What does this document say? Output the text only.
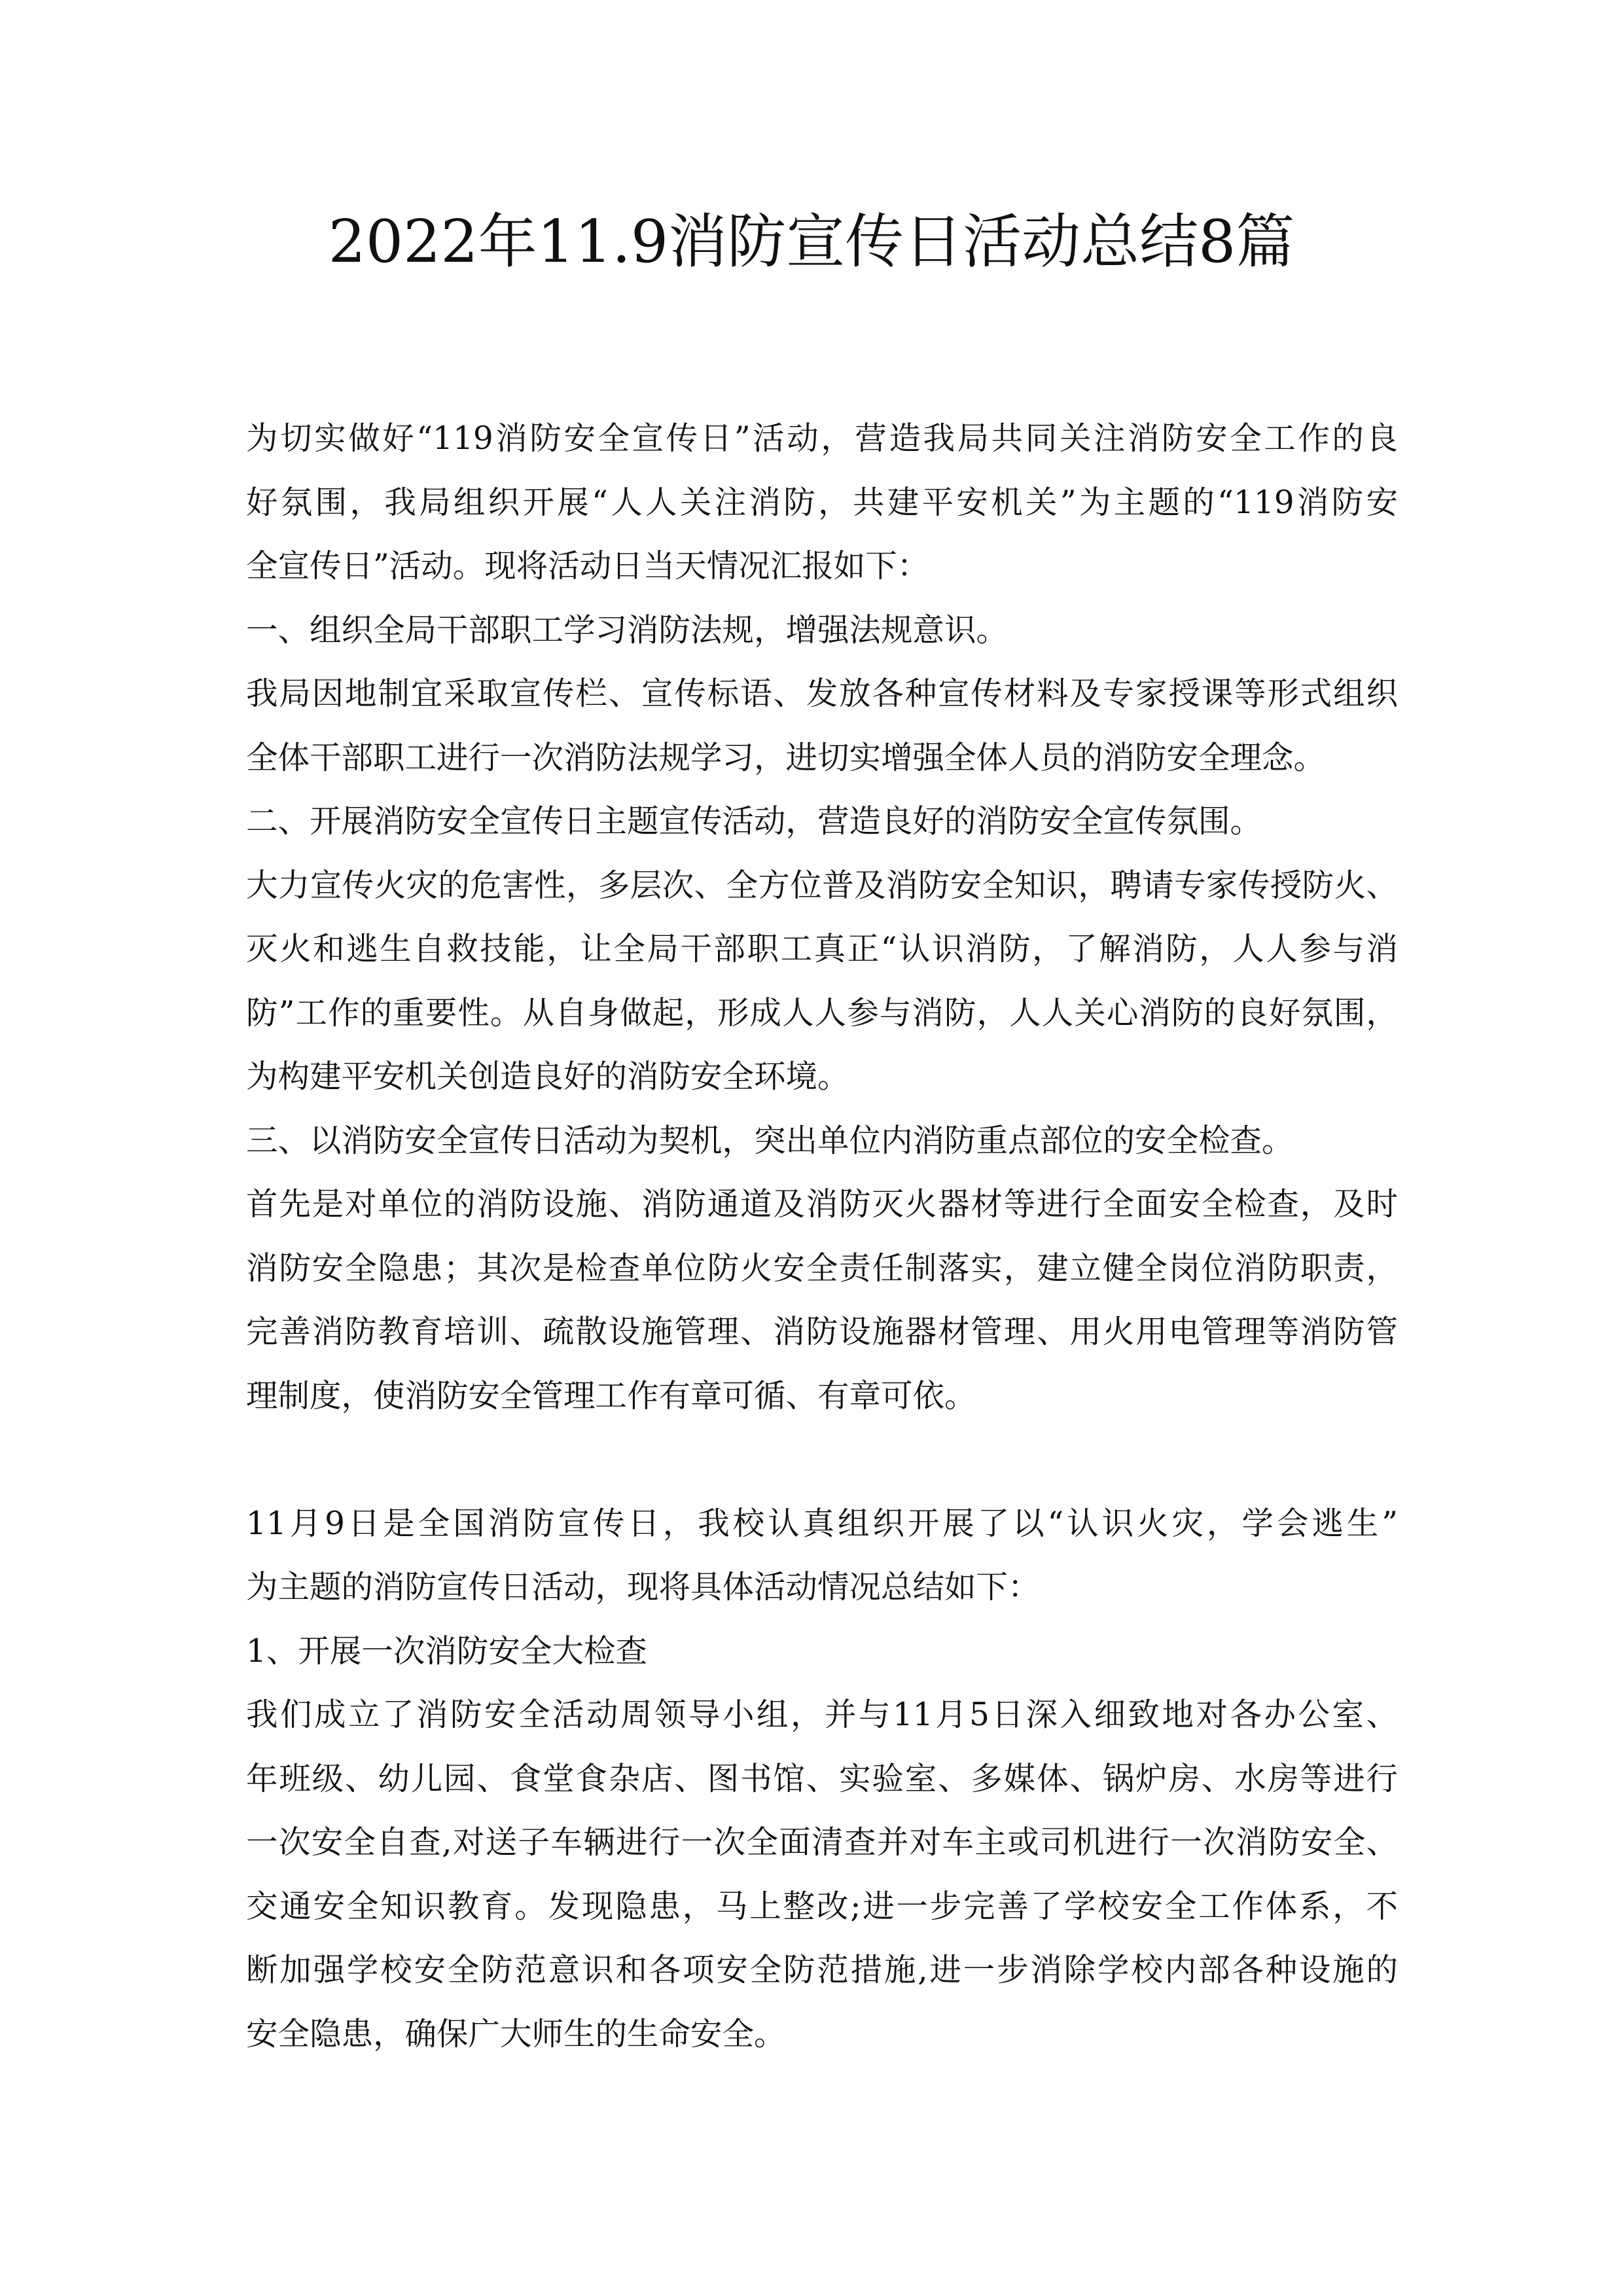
2022年11.9消防宣传日活动总结8篇
为切实做好“119消防安全宣传日”活动，营造我局共同关注消防安全工作的良
好氛围，我局组织开展“人人关注消防，共建平安机关”为主题的“119消防安
全宣传日”活动。现将活动日当天情况汇报如下：
一、组织全局干部职工学习消防法规，增强法规意识。
我局因地制宜采取宣传栏、宣传标语、发放各种宣传材料及专家授课等形式组织
全体干部职工进行一次消防法规学习，进切实增强全体人员的消防安全理念。
二、开展消防安全宣传日主题宣传活动，营造良好的消防安全宣传氛围。
大力宣传火灾的危害性，多层次、全方位普及消防安全知识，聘请专家传授防火、
灭火和逃生自救技能，让全局干部职工真正“认识消防，了解消防，人人参与消
防”工作的重要性。从自身做起，形成人人参与消防，人人关心消防的良好氛围，
为构建平安机关创造良好的消防安全环境。
三、以消防安全宣传日活动为契机，突出单位内消防重点部位的安全检查。
首先是对单位的消防设施、消防通道及消防灭火器材等进行全面安全检查，及时
消防安全隐患；其次是检查单位防火安全责任制落实，建立健全岗位消防职责，
完善消防教育培训、疏散设施管理、消防设施器材管理、用火用电管理等消防管
理制度，使消防安全管理工作有章可循、有章可依。
11月9日是全国消防宣传日，我校认真组织开展了以“认识火灾，学会逃生”
为主题的消防宣传日活动，现将具体活动情况总结如下：
1、开展一次消防安全大检查
我们成立了消防安全活动周领导小组，并与11月5日深入细致地对各办公室、
年班级、幼儿园、食堂食杂店、图书馆、实验室、多媒体、锅炉房、水房等进行
一次安全自查,对送子车辆进行一次全面清查并对车主或司机进行一次消防安全、
交通安全知识教育。发现隐患，马上整改;进一步完善了学校安全工作体系，不
断加强学校安全防范意识和各项安全防范措施,进一步消除学校内部各种设施的
安全隐患，确保广大师生的生命安全。
